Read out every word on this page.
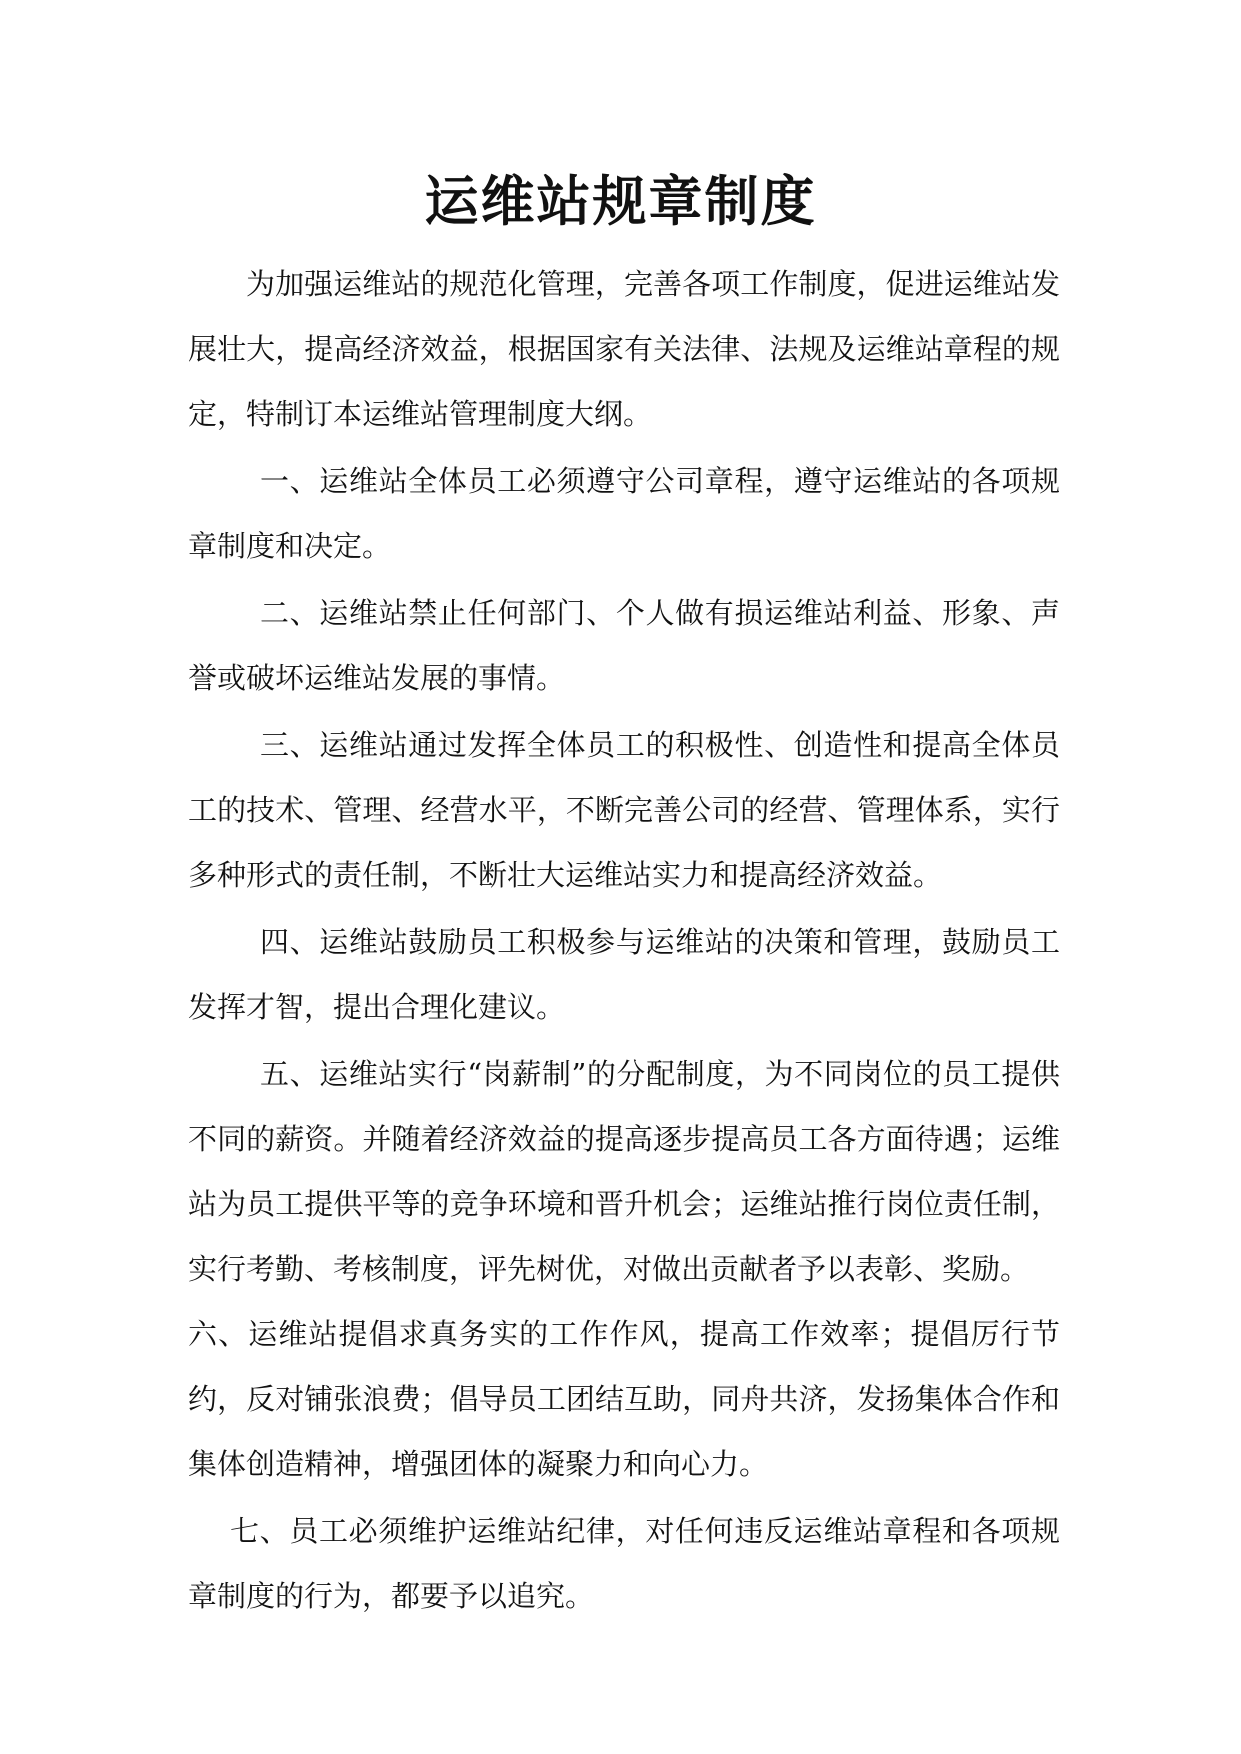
运维站规章制度

为加强运维站的规范化管理，完善各项工作制度，促进运维站发展壮大，提高经济效益，根据国家有关法律、法规及运维站章程的规定，特制订本运维站管理制度大纲。

一、运维站全体员工必须遵守公司章程，遵守运维站的各项规章制度和决定。

二、运维站禁止任何部门、个人做有损运维站利益、形象、声誉或破坏运维站发展的事情。

三、运维站通过发挥全体员工的积极性、创造性和提高全体员工的技术、管理、经营水平，不断完善公司的经营、管理体系，实行多种形式的责任制，不断壮大运维站实力和提高经济效益。

四、运维站鼓励员工积极参与运维站的决策和管理，鼓励员工发挥才智，提出合理化建议。

五、运维站实行“岗薪制”的分配制度，为不同岗位的员工提供不同的薪资。并随着经济效益的提高逐步提高员工各方面待遇；运维站为员工提供平等的竞争环境和晋升机会；运维站推行岗位责任制，实行考勤、考核制度，评先树优，对做出贡献者予以表彰、奖励。

六、运维站提倡求真务实的工作作风，提高工作效率；提倡厉行节约，反对铺张浪费；倡导员工团结互助，同舟共济，发扬集体合作和集体创造精神，增强团体的凝聚力和向心力。

七、员工必须维护运维站纪律，对任何违反运维站章程和各项规章制度的行为，都要予以追究。
